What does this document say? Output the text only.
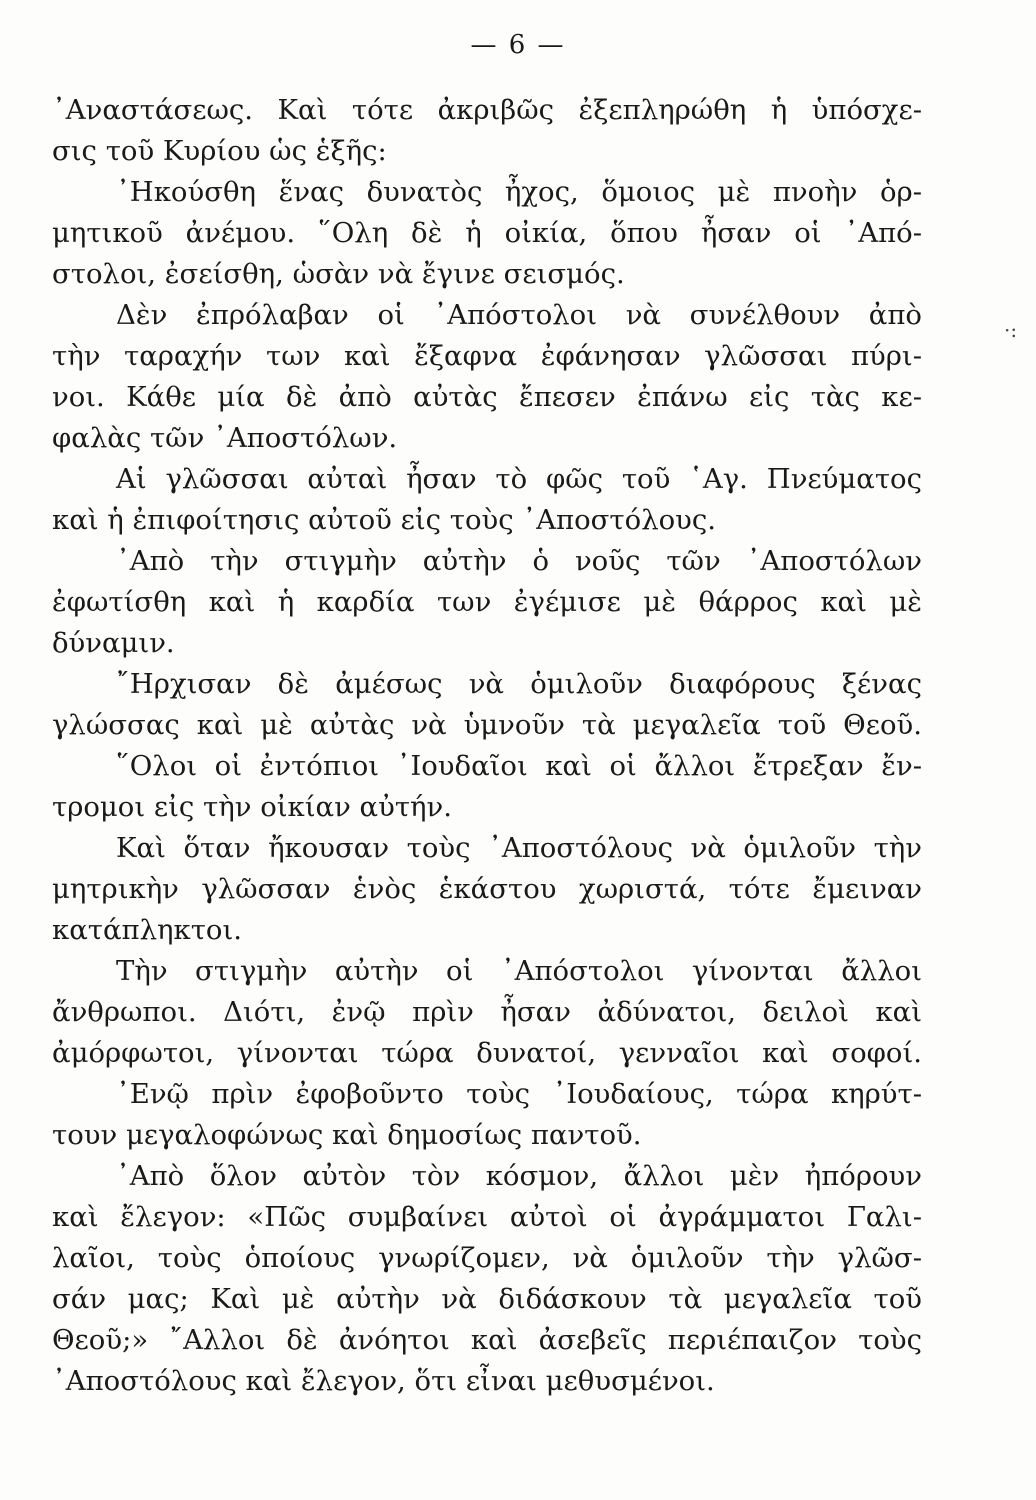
— 6 —
᾿Αναστάσεως. Καὶ τότε ἀκριβῶς ἐξεπληρώθη ἡ ὑπόσχε-
σις τοῦ Κυρίου ὡς ἑξῆς:
᾿Ηκούσθη ἕνας δυνατὸς ἦχος, ὅμοιος μὲ πνοὴν ὁρ-
μητικοῦ ἀνέμου. ῞Ολη δὲ ἡ οἰκία, ὅπου ἦσαν οἱ ᾿Από-
στολοι, ἐσείσθη, ὡσὰν νὰ ἔγινε σεισμός.
Δὲν ἐπρόλαβαν οἱ ᾿Απόστολοι νὰ συνέλθουν ἀπὸ
τὴν ταραχήν των καὶ ἔξαφνα ἐφάνησαν γλῶσσαι πύρι-
νοι. Κάθε μία δὲ ἀπὸ αὐτὰς ἔπεσεν ἐπάνω εἰς τὰς κε-
φαλὰς τῶν ᾿Αποστόλων.
Αἱ γλῶσσαι αὐταὶ ἦσαν τὸ φῶς τοῦ ῾Αγ. Πνεύματος
καὶ ἡ ἐπιφοίτησις αὐτοῦ εἰς τοὺς ᾿Αποστόλους.
᾿Απὸ τὴν στιγμὴν αὐτὴν ὁ νοῦς τῶν ᾿Αποστόλων
ἐφωτίσθη καὶ ἡ καρδία των ἐγέμισε μὲ θάρρος καὶ μὲ
δύναμιν.
῎Ηρχισαν δὲ ἀμέσως νὰ ὁμιλοῦν διαφόρους ξένας
γλώσσας καὶ μὲ αὐτὰς νὰ ὑμνοῦν τὰ μεγαλεῖα τοῦ Θεοῦ.
῞Ολοι οἱ ἐντόπιοι ᾿Ιουδαῖοι καὶ οἱ ἄλλοι ἔτρεξαν ἔν-
τρομοι εἰς τὴν οἰκίαν αὐτήν.
Καὶ ὅταν ἤκουσαν τοὺς ᾿Αποστόλους νὰ ὁμιλοῦν τὴν
μητρικὴν γλῶσσαν ἑνὸς ἑκάστου χωριστά, τότε ἔμειναν
κατάπληκτοι.
Τὴν στιγμὴν αὐτὴν οἱ ᾿Απόστολοι γίνονται ἄλλοι
ἄνθρωποι. Διότι, ἐνῷ πρὶν ἦσαν ἀδύνατοι, δειλοὶ καὶ
ἀμόρφωτοι, γίνονται τώρα δυνατοί, γενναῖοι καὶ σοφοί.
᾿Ενῷ πρὶν ἐφοβοῦντο τοὺς ᾿Ιουδαίους, τώρα κηρύτ-
τουν μεγαλοφώνως καὶ δημοσίως παντοῦ.
᾿Απὸ ὅλον αὐτὸν τὸν κόσμον, ἄλλοι μὲν ἠπόρουν
καὶ ἔλεγον: «Πῶς συμβαίνει αὐτοὶ οἱ ἀγράμματοι Γαλι-
λαῖοι, τοὺς ὁποίους γνωρίζομεν, νὰ ὁμιλοῦν τὴν γλῶσ-
σάν μας; Καὶ μὲ αὐτὴν νὰ διδάσκουν τὰ μεγαλεῖα τοῦ
Θεοῦ;» ῎Αλλοι δὲ ἀνόητοι καὶ ἀσεβεῖς περιέπαιζον τοὺς
᾿Αποστόλους καὶ ἔλεγον, ὅτι εἶναι μεθυσμένοι.
·:
